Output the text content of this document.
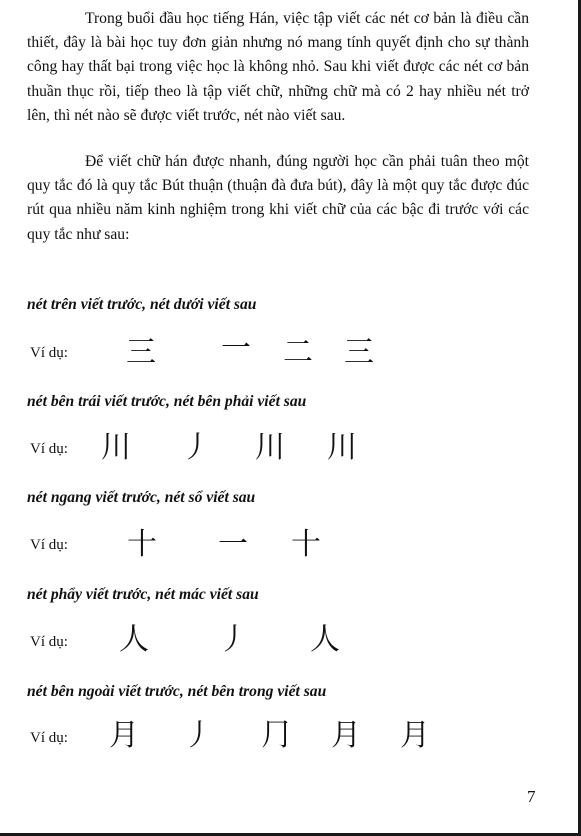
Trong buổi đầu học tiếng Hán, việc tập viết các nét cơ bản là điều cần thiết, đây là bài học tuy đơn giản nhưng nó mang tính quyết định cho sự thành công hay thất bại trong việc học là không nhỏ. Sau khi viết được các nét cơ bản thuần thục rồi, tiếp theo là tập viết chữ, những chữ mà có 2 hay nhiều nét trở lên, thì nét nào sẽ được viết trước, nét nào viết sau.

Để viết chữ hán được nhanh, đúng người học cần phải tuân theo một quy tắc đó là quy tắc Bút thuận (thuận đà đưa bút), đây là một quy tắc được đúc rút qua nhiều năm kinh nghiệm trong khi viết chữ của các bậc đi trước với các quy tắc như sau:

nét trên viết trước, nét dưới viết sau
Ví dụ: 三 一 二 三
nét bên trái viết trước, nét bên phải viết sau
Ví dụ: 川 丿 川 川
nét ngang viết trước, nét sổ viết sau
Ví dụ: 十 一 十
nét phẩy viết trước, nét mác viết sau
Ví dụ: 人 丿 人
nét bên ngoài viết trước, nét bên trong viết sau
Ví dụ: 月 丿 ⺆ 月 月
7
